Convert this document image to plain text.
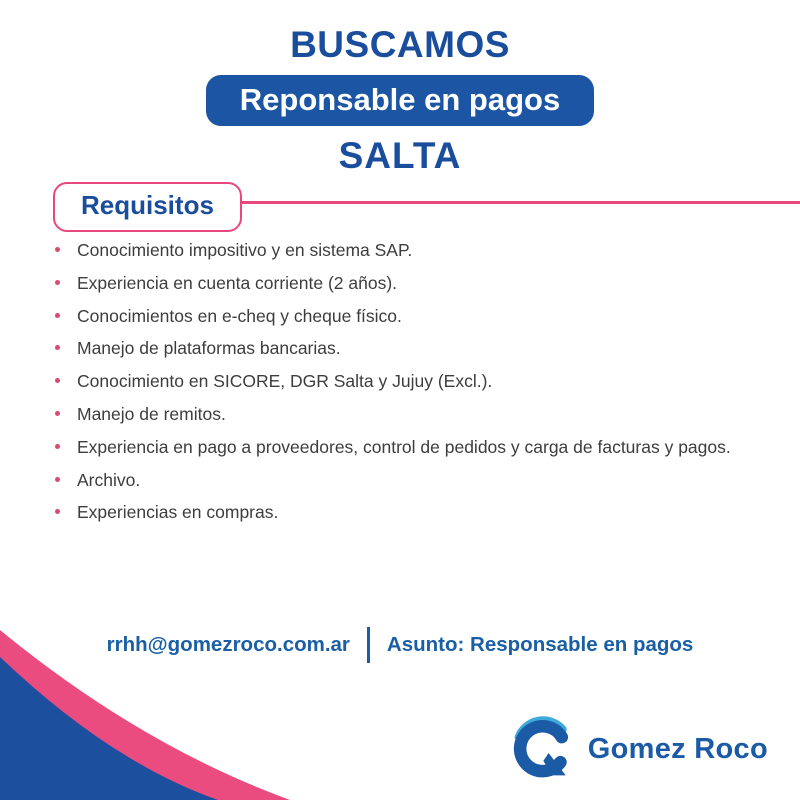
BUSCAMOS
Reponsable en pagos
SALTA
Requisitos
Conocimiento impositivo y en sistema SAP.
Experiencia en cuenta corriente (2 años).
Conocimientos en e-cheq y cheque físico.
Manejo de plataformas bancarias.
Conocimiento en SICORE, DGR Salta y Jujuy (Excl.).
Manejo de remitos.
Experiencia en pago a proveedores, control de pedidos y carga de facturas y pagos.
Archivo.
Experiencias en compras.
rrhh@gomezroco.com.ar Asunto: Responsable en pagos
Gomez Roco
